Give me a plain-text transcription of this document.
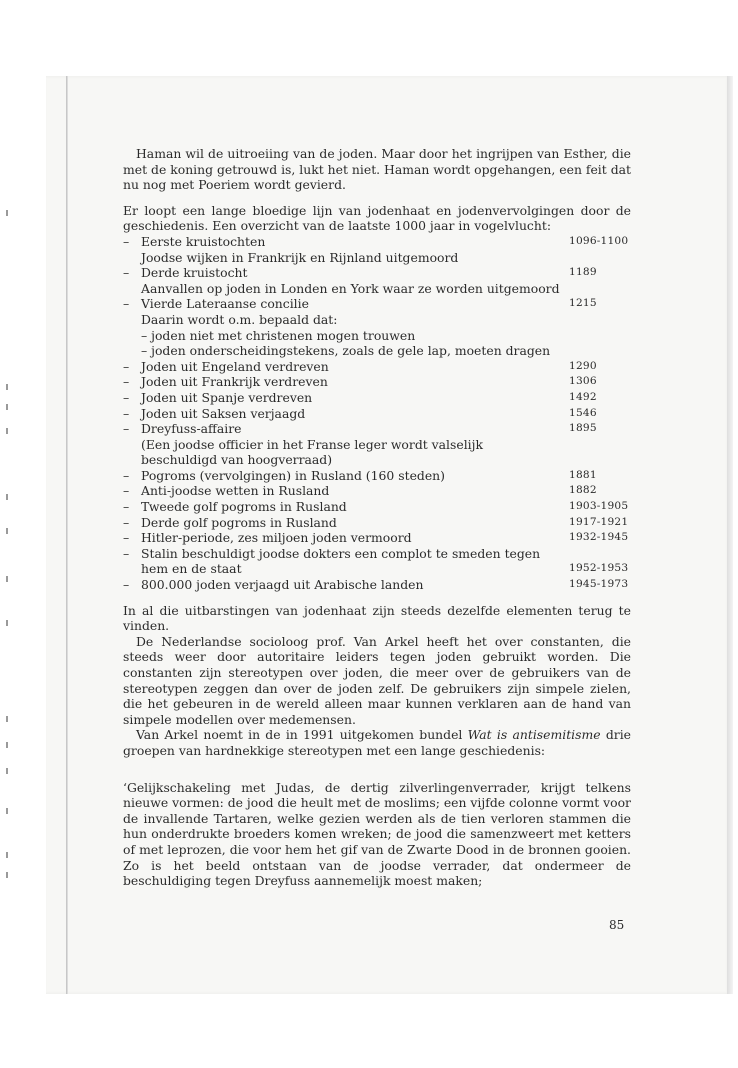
Haman wil de uitroeiing van de joden. Maar door het ingrijpen van Esther, die met de koning getrouwd is, lukt het niet. Haman wordt opgehangen, een feit dat nu nog met Poeriem wordt gevierd.

Er loopt een lange bloedige lijn van jodenhaat en jodenvervolgingen door de geschiedenis. Een overzicht van de laatste 1000 jaar in vogelvlucht:

– Eerste kruistochten
Joodse wijken in Frankrijk en Rijnland uitgemoord
1096-1100
– Derde kruistocht
Aanvallen op joden in Londen en York waar ze worden uitgemoord
1189
– Vierde Lateraanse concilie
Daarin wordt o.m. bepaald dat:
– joden niet met christenen mogen trouwen
– joden onderscheidingstekens, zoals de gele lap, moeten dragen
1215
– Joden uit Engeland verdreven	1290
– Joden uit Frankrijk verdreven	1306
– Joden uit Spanje verdreven	1492
– Joden uit Saksen verjaagd	1546
– Dreyfuss-affaire
(Een joodse officier in het Franse leger wordt valselijk beschuldigd van hoogverraad)
1895
– Pogroms (vervolgingen) in Rusland (160 steden)	1881
– Anti-joodse wetten in Rusland	1882
– Tweede golf pogroms in Rusland	1903-1905
– Derde golf pogroms in Rusland	1917-1921
– Hitler-periode, zes miljoen joden vermoord	1932-1945
– Stalin beschuldigt joodse dokters een complot te smeden tegen hem en de staat	1952-1953
– 800.000 joden verjaagd uit Arabische landen	1945-1973

In al die uitbarstingen van jodenhaat zijn steeds dezelfde elementen terug te vinden.

De Nederlandse socioloog prof. Van Arkel heeft het over constanten, die steeds weer door autoritaire leiders tegen joden gebruikt worden. Die constanten zijn stereotypen over joden, die meer over de gebruikers van de stereotypen zeggen dan over de joden zelf. De gebruikers zijn simpele zielen, die het gebeuren in de wereld alleen maar kunnen verklaren aan de hand van simpele modellen over medemensen.

Van Arkel noemt in de in 1991 uitgekomen bundel Wat is antisemitisme drie groepen van hardnekkige stereotypen met een lange geschiedenis:

‘Gelijkschakeling met Judas, de dertig zilverlingenverrader, krijgt telkens nieuwe vormen: de jood die heult met de moslims; een vijfde colonne vormt voor de invallende Tartaren, welke gezien werden als de tien verloren stammen die hun onderdrukte broeders komen wreken; de jood die samenzweert met ketters of met leprozen, die voor hem het gif van de Zwarte Dood in de bronnen gooien. Zo is het beeld ontstaan van de joodse verrader, dat ondermeer de beschuldiging tegen Dreyfuss aannemelijk moest maken;

85
